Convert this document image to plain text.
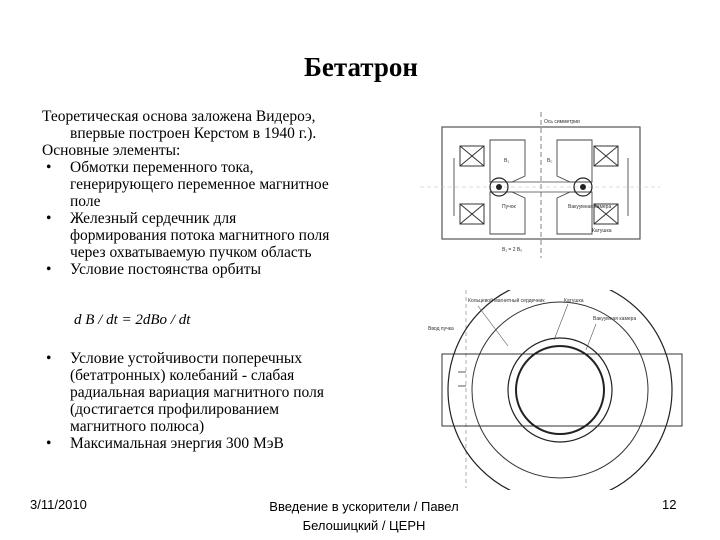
Бетатрон
Теоретическая основа заложена Видероэ,
впервые построен Керстом в 1940 г.).
Основные элементы:
• Обмотки переменного тока,
генерирующего переменное магнитное
поле
• Железный сердечник для
формирования потока магнитного поля
через охватываемую пучком область
• Условие постоянства орбиты
d B / dt = 2dBo / dt
• Условие устойчивости поперечных
(бетатронных) колебаний - слабая
радиальная вариация магнитного поля
(достигается профилированием
магнитного полюса)
• Максимальная энергия 300 МэВ
Ось симметрии
B₁	B₀
Пучок	Вакуумная камера
Катушка
B₁ = 2 B₀
Кольцевой магнитный сердечник	Катушка
Вакуумная камера
Ввод пучка
3/11/2010	Введение в ускорители / Павел
Белошицкий / ЦЕРН
12
